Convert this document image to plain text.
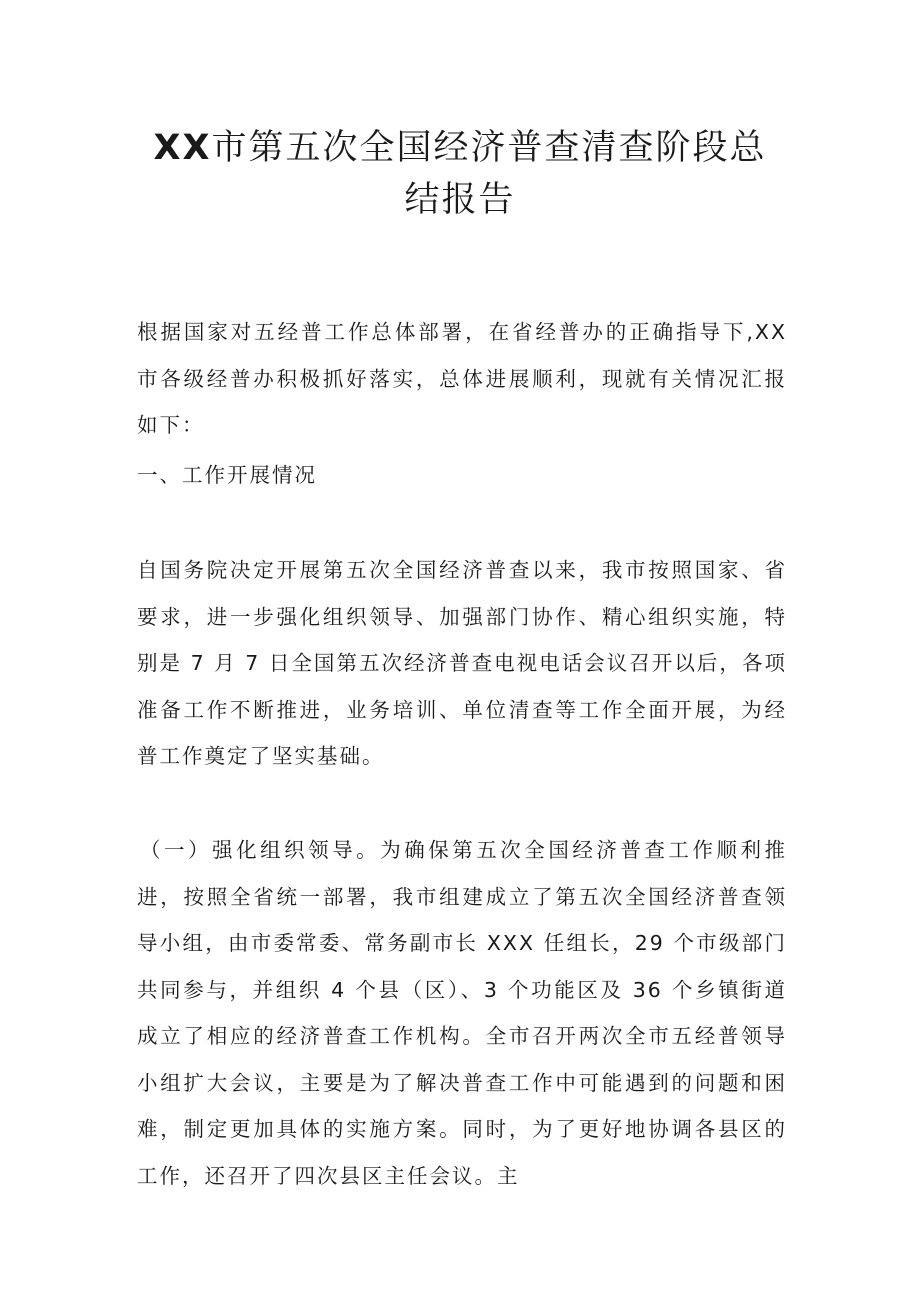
XX市第五次全国经济普查清查阶段总结报告
根据国家对五经普工作总体部署，在省经普办的正确指导下,XX 市各级经普办积极抓好落实，总体进展顺利，现就有关情况汇报如下：
一、工作开展情况
自国务院决定开展第五次全国经济普查以来，我市按照国家、省要求，进一步强化组织领导、加强部门协作、精心组织实施，特别是 7 月 7 日全国第五次经济普查电视电话会议召开以后，各项准备工作不断推进，业务培训、单位清查等工作全面开展，为经普工作奠定了坚实基础。
（一）强化组织领导。为确保第五次全国经济普查工作顺利推进，按照全省统一部署，我市组建成立了第五次全国经济普查领导小组，由市委常委、常务副市长 XXX 任组长，29 个市级部门共同参与，并组织 4 个县（区）、3 个功能区及 36 个乡镇街道成立了相应的经济普查工作机构。全市召开两次全市五经普领导小组扩大会议，主要是为了解决普查工作中可能遇到的问题和困难，制定更加具体的实施方案。同时，为了更好地协调各县区的工作，还召开了四次县区主任会议。主
